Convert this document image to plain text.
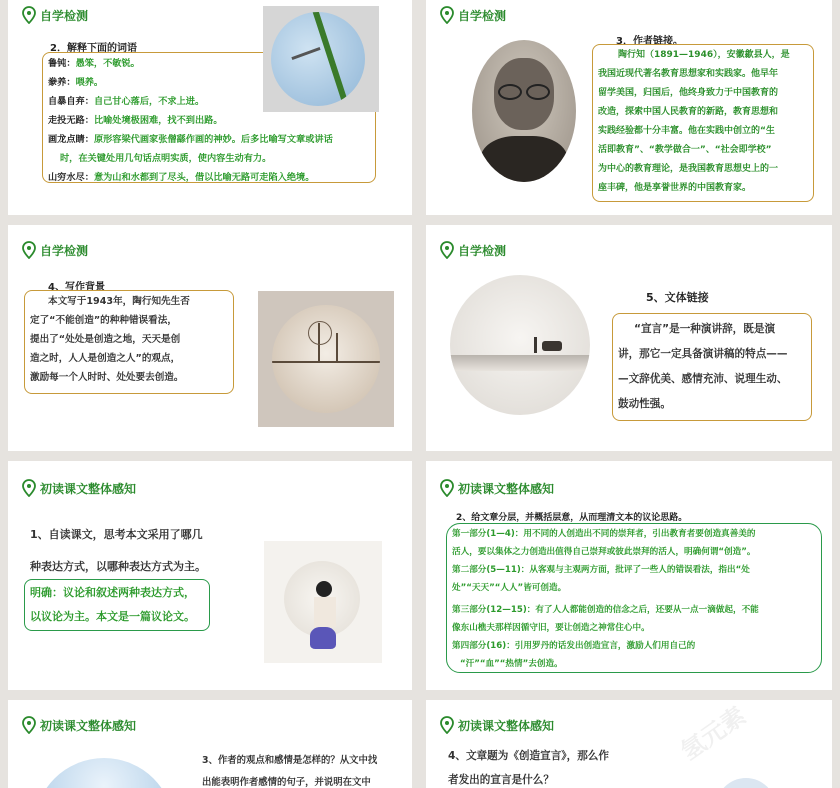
自学检测
2．解释下面的词语
鲁钝：愚笨，不敏锐。
豢养：喂养。
自暴自弃：自己甘心落后，不求上进。
走投无路：比喻处境极困难，找不到出路。
画龙点睛：原形容梁代画家张僧繇作画的神妙。后多比喻写文章或讲话
时，在关键处用几句话点明实质，使内容生动有力。
山穷水尽：意为山和水都到了尽头，借以比喻无路可走陷入绝境。
自学检测
3．作者链接。
陶行知（1891—1946），安徽歙县人，是
我国近现代著名教育思想家和实践家。他早年
留学美国，归国后，他终身致力于中国教育的
改造，探索中国人民教育的新路，教育思想和
实践经验都十分丰富。他在实践中创立的“生
活即教育”、“教学做合一”、“社会即学校”
为中心的教育理论，是我国教育思想史上的一
座丰碑，他是享誉世界的中国教育家。
自学检测
4、写作背景
本文写于1943年，陶行知先生否
定了“不能创造”的种种错误看法，
提出了“处处是创造之地，天天是创
造之时，人人是创造之人”的观点，
激励每一个人时时、处处要去创造。
自学检测
5、文体链接
“宣言”是一种演讲辞，既是演
讲，那它一定具备演讲稿的特点——
—文辞优美、感情充沛、说理生动、
鼓动性强。
初读课文整体感知
1、自读课文，思考本文采用了哪几
种表达方式，以哪种表达方式为主。
明确：议论和叙述两种表达方式，
以议论为主。本文是一篇议论文。
初读课文整体感知
2、给文章分层，并概括层意，从而理清文本的议论思路。
第一部分(1—4)：用不同的人创造出不同的崇拜者，引出教育者要创造真善美的
活人，要以集体之力创造出值得自己崇拜或彼此崇拜的活人，明确何谓“创造”。
第二部分(5—11)：从客观与主观两方面，批评了一些人的错误看法，指出“处
处”“天天”“人人”皆可创造。
第三部分(12—15)：有了人人都能创造的信念之后，还要从一点一滴做起，不能
像东山樵夫那样因循守旧，要让创造之神常住心中。
第四部分(16)：引用罗丹的话发出创造宣言，激励人们用自己的
“汗”“血”“热情”去创造。
初读课文整体感知
3、作者的观点和感情是怎样的？从文中找
出能表明作者感情的句子，并说明在文中
初读课文整体感知
4、文章题为《创造宣言》，那么作
者发出的宣言是什么？
氢元素
